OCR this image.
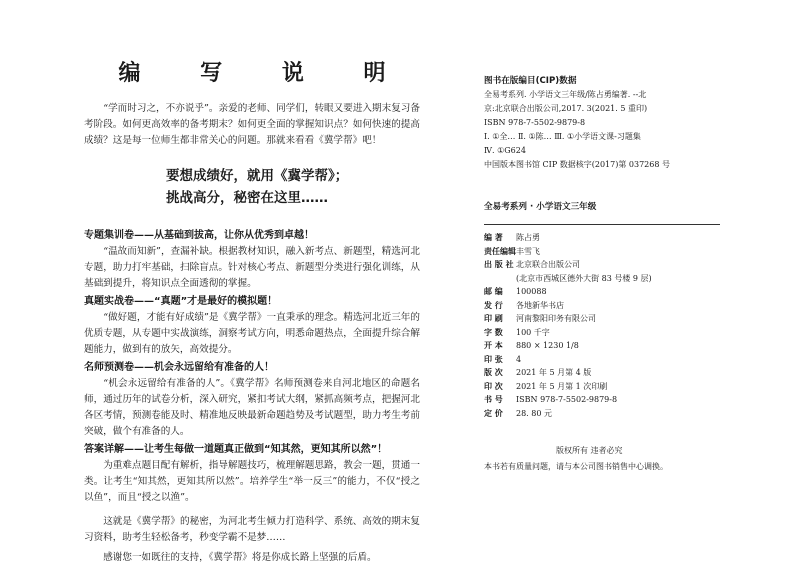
编 写 说 明

“学而时习之，不亦说乎”。亲爱的老师、同学们，转眼又要进入期末复习备考阶段。如何更高效率的备考期末？如何更全面的掌握知识点？如何快速的提高成绩？这是每一位师生都非常关心的问题。那就来看看《冀学帮》吧！

要想成绩好，就用《冀学帮》；
挑战高分，秘密在这里……
专题集训卷——从基础到拔高，让你从优秀到卓越！

“温故而知新”，查漏补缺。根据教材知识，融入新考点、新题型，精选河北专题，助力打牢基础，扫除盲点。针对核心考点、新题型分类进行强化训练，从基础到提升，将知识点全面透彻的掌握。

真题实战卷——“真题”才是最好的模拟题！

“做好题，才能有好成绩”是《冀学帮》一直秉承的理念。精选河北近三年的优质专题，从专题中实战演练，洞察考试方向，明悉命题热点，全面提升综合解题能力，做到有的放矢，高效提分。

名师预测卷——机会永远留给有准备的人！

“机会永远留给有准备的人”。《冀学帮》名师预测卷来自河北地区的命题名师，通过历年的试卷分析，深入研究，紧扣考试大纲，紧抓高频考点，把握河北各区考情，预测卷能及时、精准地反映最新命题趋势及考试题型，助力考生考前突破，做个有准备的人。

答案详解——让考生每做一道题真正做到“知其然，更知其所以然”！

为重难点题目配有解析，指导解题技巧，梳理解题思路，教会一题，贯通一类。让考生“知其然，更知其所以然”。培养学生“举一反三”的能力，不仅“授之以鱼”，而且“授之以渔”。

这就是《冀学帮》的秘密，为河北考生倾力打造科学、系统、高效的期末复习资料，助考生轻松备考，秒变学霸不是梦……

感谢您一如既往的支持，《冀学帮》将是你成长路上坚强的后盾。

图书在版编目(CIP)数据
全易考系列. 小学语文三年级/陈占勇编著. --北
京:北京联合出版公司,2017. 3(2021. 5 重印)
ISBN 978-7-5502-9879-8
Ⅰ. ①全… Ⅱ. ①陈… Ⅲ. ①小学语文课-习题集
Ⅳ. ①G624
中国版本图书馆 CIP 数据核字(2017)第 037268 号
全易考系列 · 小学语文三年级
编 著	陈占勇
责任编辑 丰雪飞
出 版 社 北京联合出版公司
(北京市西城区德外大街 83 号楼 9 层)
邮 编	100088
发 行	各地新华书店
印 刷	河南黎阳印务有限公司
字 数	100 千字
开 本	880 × 1230 1/8
印 张	4
版 次	2021 年 5 月第 4 版
印 次	2021 年 5 月第 1 次印刷
书 号	ISBN 978-7-5502-9879-8
定 价	28. 80 元
版权所有 违者必究
本书若有质量问题，请与本公司图书销售中心调换。
